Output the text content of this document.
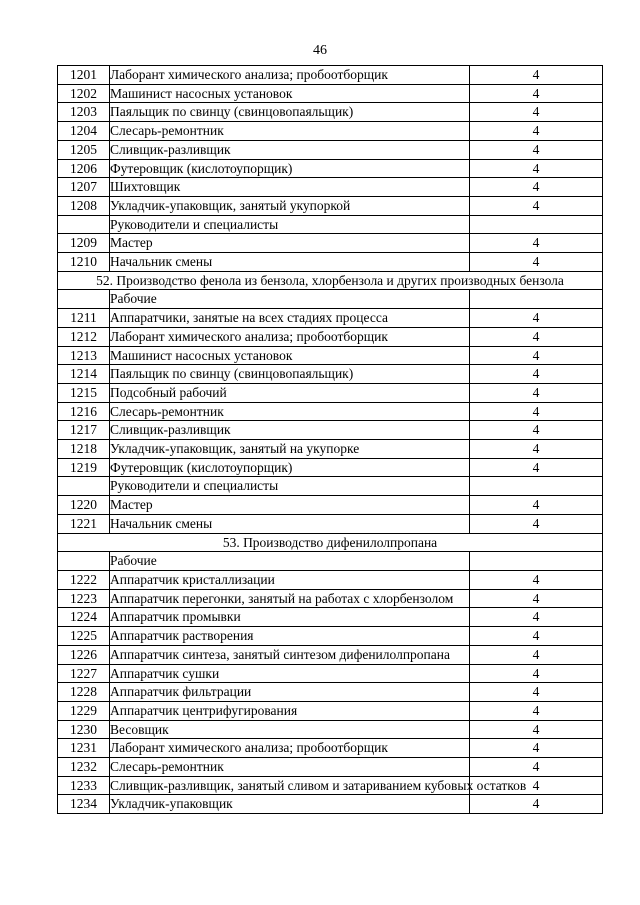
46
1201	Лаборант химического анализа; пробоотборщик	4
1202	Машинист насосных установок	4
1203	Паяльщик по свинцу (свинцовопаяльщик)	4
1204	Слесарь-ремонтник	4
1205	Сливщик-разливщик	4
1206	Футеровщик (кислотоупорщик)	4
1207	Шихтовщик	4
1208	Укладчик-упаковщик, занятый укупоркой	4
	Руководители и специалисты	
1209	Мастер	4
1210	Начальник смены	4
52. Производство фенола из бензола, хлорбензола и других производных бензола		
	Рабочие	
1211	Аппаратчики, занятые на всех стадиях процесса	4
1212	Лаборант химического анализа; пробоотборщик	4
1213	Машинист насосных установок	4
1214	Паяльщик по свинцу (свинцовопаяльщик)	4
1215	Подсобный рабочий	4
1216	Слесарь-ремонтник	4
1217	Сливщик-разливщик	4
1218	Укладчик-упаковщик, занятый на укупорке	4
1219	Футеровщик (кислотоупорщик)	4
	Руководители и специалисты	
1220	Мастер	4
1221	Начальник смены	4
53. Производство дифенилолпропана		
	Рабочие	
1222	Аппаратчик кристаллизации	4
1223	Аппаратчик перегонки, занятый на работах с хлорбензолом	4
1224	Аппаратчик промывки	4
1225	Аппаратчик растворения	4
1226	Аппаратчик синтеза, занятый синтезом дифенилолпропана	4
1227	Аппаратчик сушки	4
1228	Аппаратчик фильтрации	4
1229	Аппаратчик центрифугирования	4
1230	Весовщик	4
1231	Лаборант химического анализа; пробоотборщик	4
1232	Слесарь-ремонтник	4
1233	Сливщик-разливщик, занятый сливом и затариванием кубовых остатков	4
1234	Укладчик-упаковщик	4
